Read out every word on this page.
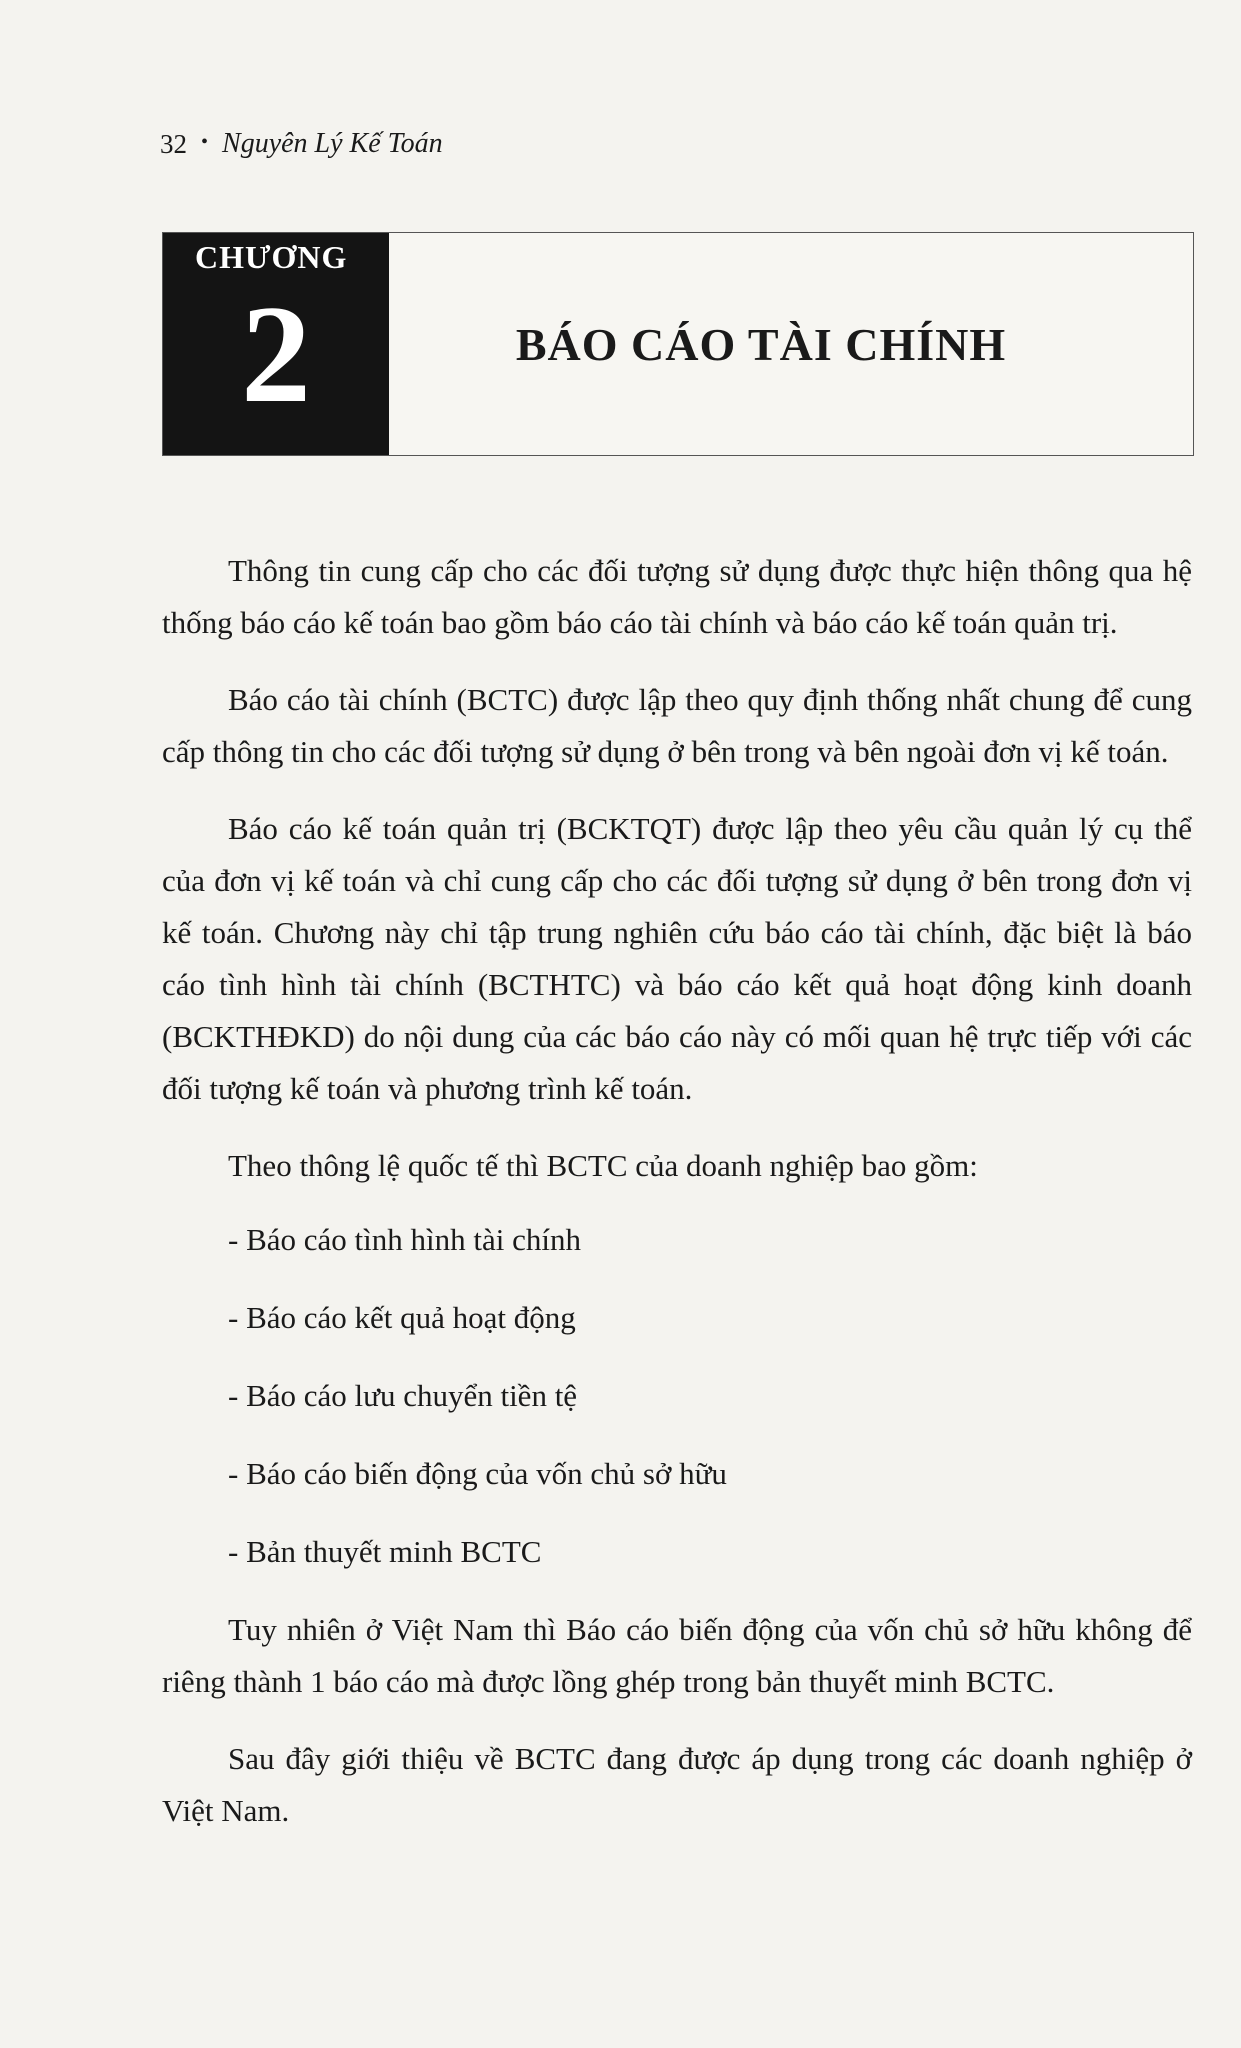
32 • Nguyên Lý Kế Toán
CHƯƠNG
2	BÁO CÁO TÀI CHÍNH

Thông tin cung cấp cho các đối tượng sử dụng được thực hiện thông qua hệ thống báo cáo kế toán bao gồm báo cáo tài chính và báo cáo kế toán quản trị.

Báo cáo tài chính (BCTC) được lập theo quy định thống nhất chung để cung cấp thông tin cho các đối tượng sử dụng ở bên trong và bên ngoài đơn vị kế toán.

Báo cáo kế toán quản trị (BCKTQT) được lập theo yêu cầu quản lý cụ thể của đơn vị kế toán và chỉ cung cấp cho các đối tượng sử dụng ở bên trong đơn vị kế toán. Chương này chỉ tập trung nghiên cứu báo cáo tài chính, đặc biệt là báo cáo tình hình tài chính (BCTHTC) và báo cáo kết quả hoạt động kinh doanh (BCKTHĐKD) do nội dung của các báo cáo này có mối quan hệ trực tiếp với các đối tượng kế toán và phương trình kế toán.

Theo thông lệ quốc tế thì BCTC của doanh nghiệp bao gồm:

- Báo cáo tình hình tài chính
- Báo cáo kết quả hoạt động
- Báo cáo lưu chuyển tiền tệ
- Báo cáo biến động của vốn chủ sở hữu
- Bản thuyết minh BCTC

Tuy nhiên ở Việt Nam thì Báo cáo biến động của vốn chủ sở hữu không để riêng thành 1 báo cáo mà được lồng ghép trong bản thuyết minh BCTC.

Sau đây giới thiệu về BCTC đang được áp dụng trong các doanh nghiệp ở Việt Nam.
